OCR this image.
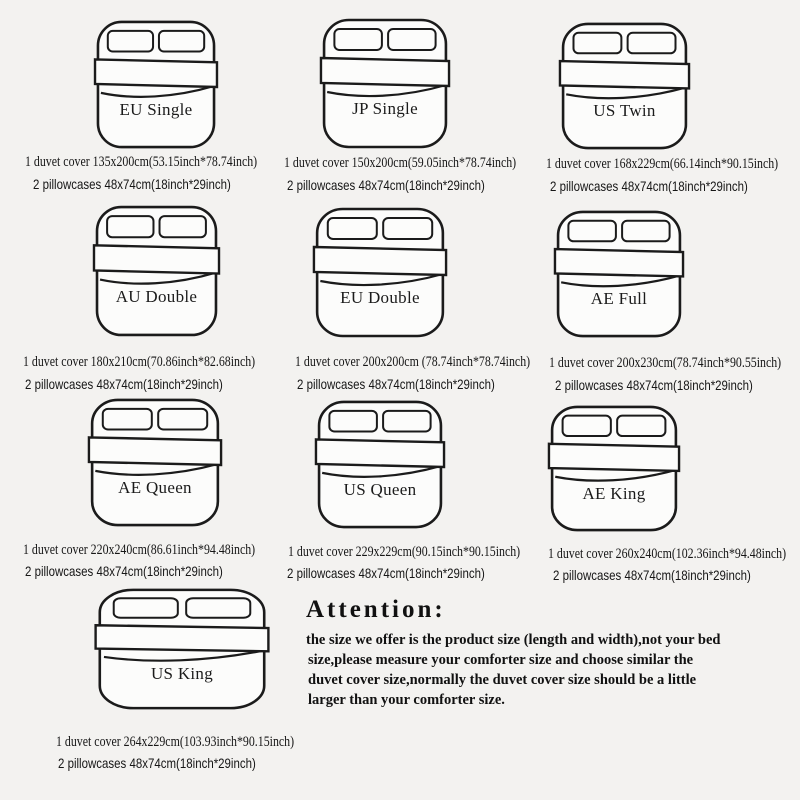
EU Single
1 duvet cover 135x200cm(53.15inch*78.74inch)
2 pillowcases 48x74cm(18inch*29inch)
JP Single
1 duvet cover 150x200cm(59.05inch*78.74inch)
2 pillowcases 48x74cm(18inch*29inch)
US Twin
1 duvet cover 168x229cm(66.14inch*90.15inch)
2 pillowcases 48x74cm(18inch*29inch)
AU Double
1 duvet cover 180x210cm(70.86inch*82.68inch)
2 pillowcases 48x74cm(18inch*29inch)
EU Double
1 duvet cover 200x200cm (78.74inch*78.74inch)
2 pillowcases 48x74cm(18inch*29inch)
AE Full
1 duvet cover 200x230cm(78.74inch*90.55inch)
2 pillowcases 48x74cm(18inch*29inch)
AE Queen
1 duvet cover 220x240cm(86.61inch*94.48inch)
2 pillowcases 48x74cm(18inch*29inch)
US Queen
1 duvet cover 229x229cm(90.15inch*90.15inch)
2 pillowcases 48x74cm(18inch*29inch)
AE King
1 duvet cover 260x240cm(102.36inch*94.48inch)
2 pillowcases 48x74cm(18inch*29inch)
US King
1 duvet cover 264x229cm(103.93inch*90.15inch)
2 pillowcases 48x74cm(18inch*29inch)
Attention:
the size we offer is the product size (length and width),not your bed
size,please measure your comforter size and choose similar the
duvet cover size,normally the duvet cover size should be a little
larger than your comforter size.
